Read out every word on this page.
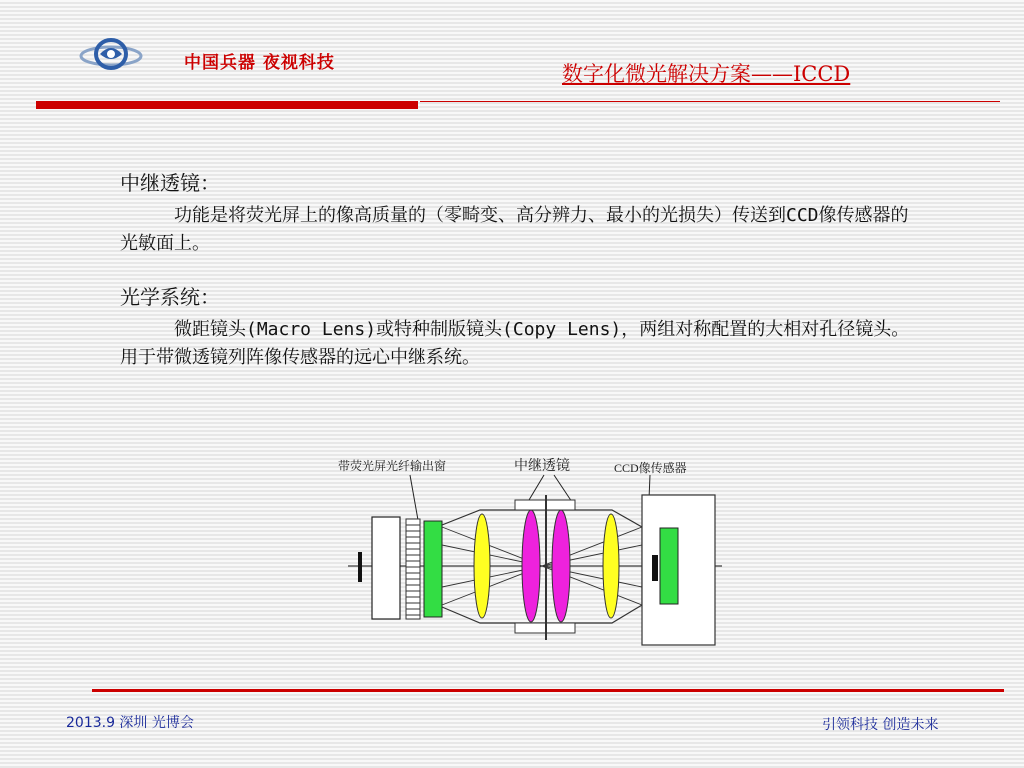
中国兵器 夜视科技	数字化微光解决方案——ICCD

中继透镜：

功能是将荧光屏上的像高质量的（零畸变、高分辨力、最小的光损失）传送到CCD像传感器的光敏面上。

光学系统：

微距镜头(Macro Lens)或特种制版镜头(Copy Lens)，两组对称配置的大相对孔径镜头。用于带微透镜列阵像传感器的远心中继系统。

带荧光屏光纤输出窗	中继透镜	CCD像传感器
2013.9 深圳 光博会	引领科技 创造未来
